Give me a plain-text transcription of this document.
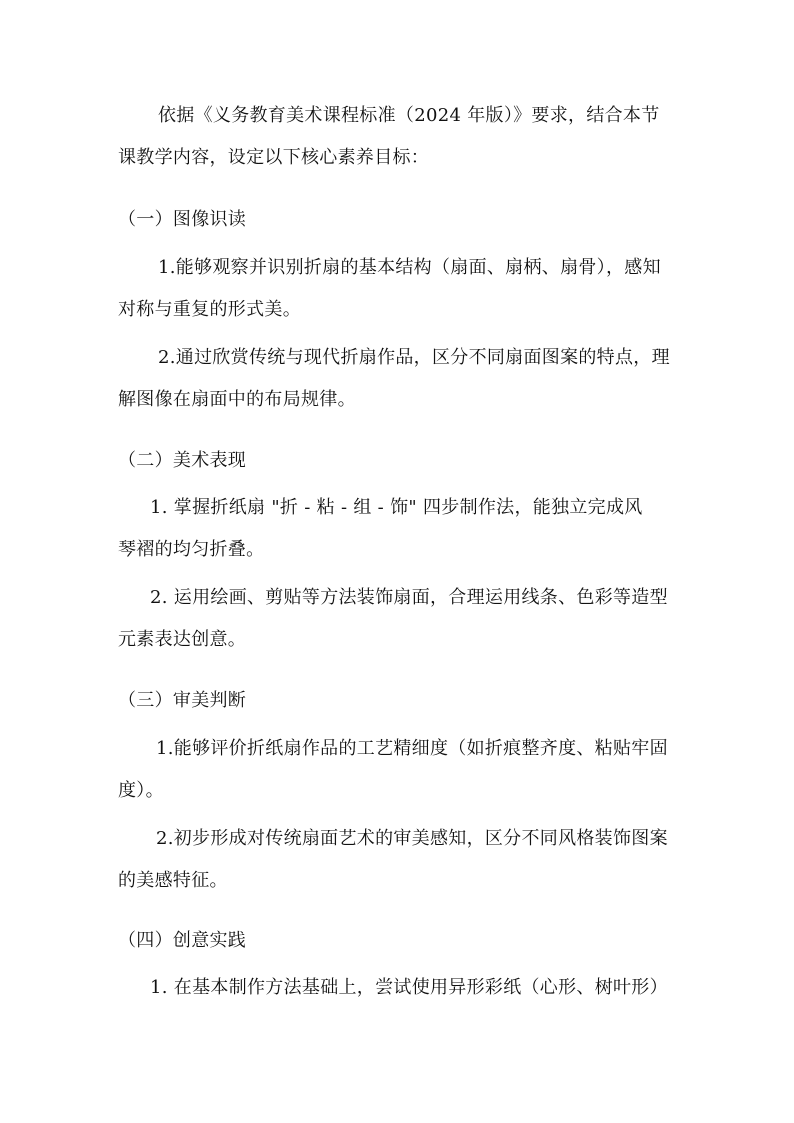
依据《义务教育美术课程标准（2024 年版）》要求，结合本节
课教学内容，设定以下核心素养目标：
（一）图像识读
1.能够观察并识别折扇的基本结构（扇面、扇柄、扇骨），感知
对称与重复的形式美。
2.通过欣赏传统与现代折扇作品，区分不同扇面图案的特点，理
解图像在扇面中的布局规律。
（二）美术表现
1. 掌握折纸扇 "折 - 粘 - 组 - 饰" 四步制作法，能独立完成风
琴褶的均匀折叠。
2. 运用绘画、剪贴等方法装饰扇面，合理运用线条、色彩等造型
元素表达创意。
（三）审美判断
1.能够评价折纸扇作品的工艺精细度（如折痕整齐度、粘贴牢固
度）。
2.初步形成对传统扇面艺术的审美感知，区分不同风格装饰图案
的美感特征。
（四）创意实践
1. 在基本制作方法基础上，尝试使用异形彩纸（心形、树叶形）
